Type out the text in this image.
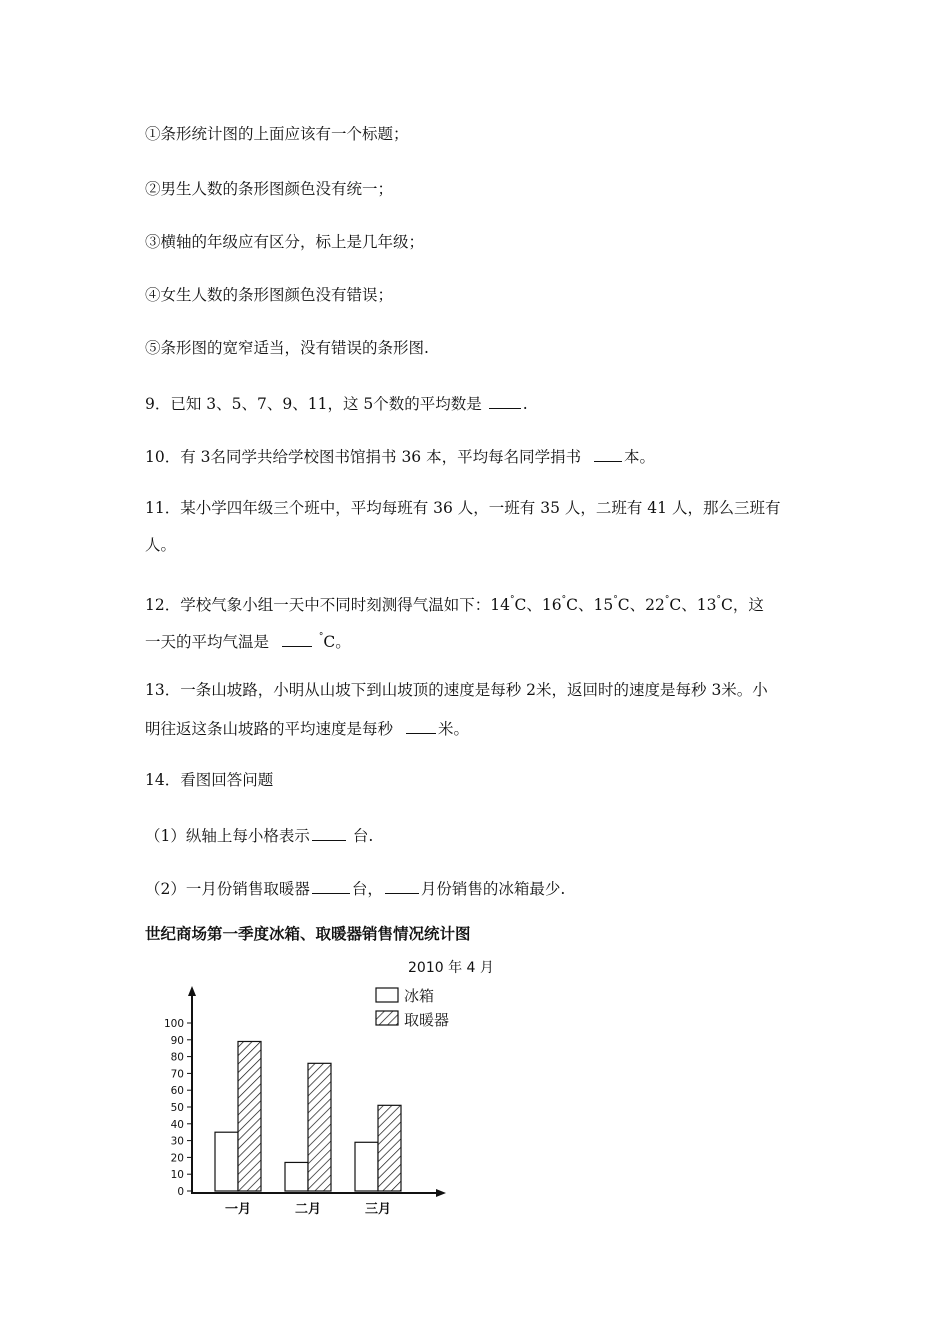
①条形统计图的上面应该有一个标题；
②男生人数的条形图颜色没有统一；
③横轴的年级应有区分，标上是几年级；
④女生人数的条形图颜色没有错误；
⑤条形图的宽窄适当，没有错误的条形图.
9．已知 3、5、7、9、11，这 5个数的平均数是	.
10．有 3名同学共给学校图书馆捐书 36 本，平均每名同学捐书	本。
11．某小学四年级三个班中，平均每班有 36 人，一班有 35 人，二班有 41 人，那么三班有
人。
12．学校气象小组一天中不同时刻测得气温如下：14°C、16°C、15°C、22°C、13°C，这
一天的平均气温是	°C。
13．一条山坡路，小明从山坡下到山坡顶的速度是每秒 2米，返回时的速度是每秒 3米。小
明往返这条山坡路的平均速度是每秒	米。
14．看图回答问题
（1）纵轴上每小格表示	台.
（2）一月份销售取暖器	台， 月份销售的冰箱最少.
世纪商场第一季度冰箱、取暖器销售情况统计图
2010 年 4 月
冰箱
取暖器
100
90
80
70
60
50
40
30
20
10
0
一月	二月	三月
